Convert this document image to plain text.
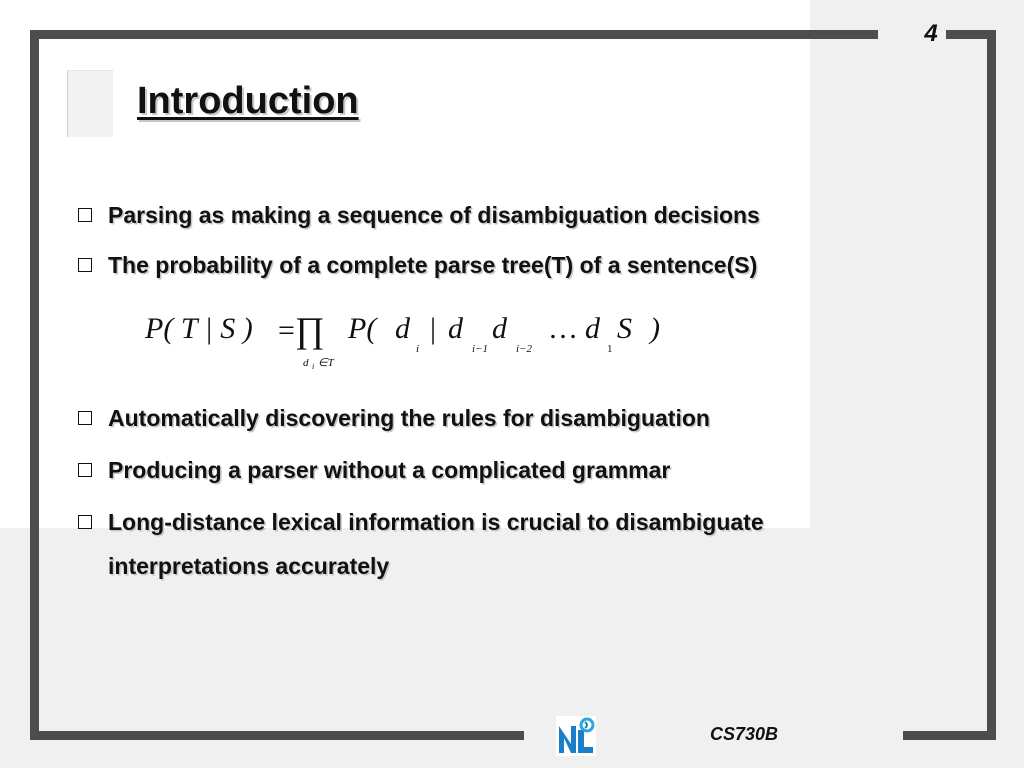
4
Introduction
Parsing as making a sequence of disambiguation decisions
The probability of a complete parse tree(T) of a sentence(S)
P( T | S ) = ∏
d i ∈T
P( d
i
| d
i−1
d
i−2
… d
1
S )
Automatically discovering the rules for disambiguation
Producing a parser without a complicated grammar
Long-distance lexical information is crucial to disambiguate
interpretations accurately
CS730B
